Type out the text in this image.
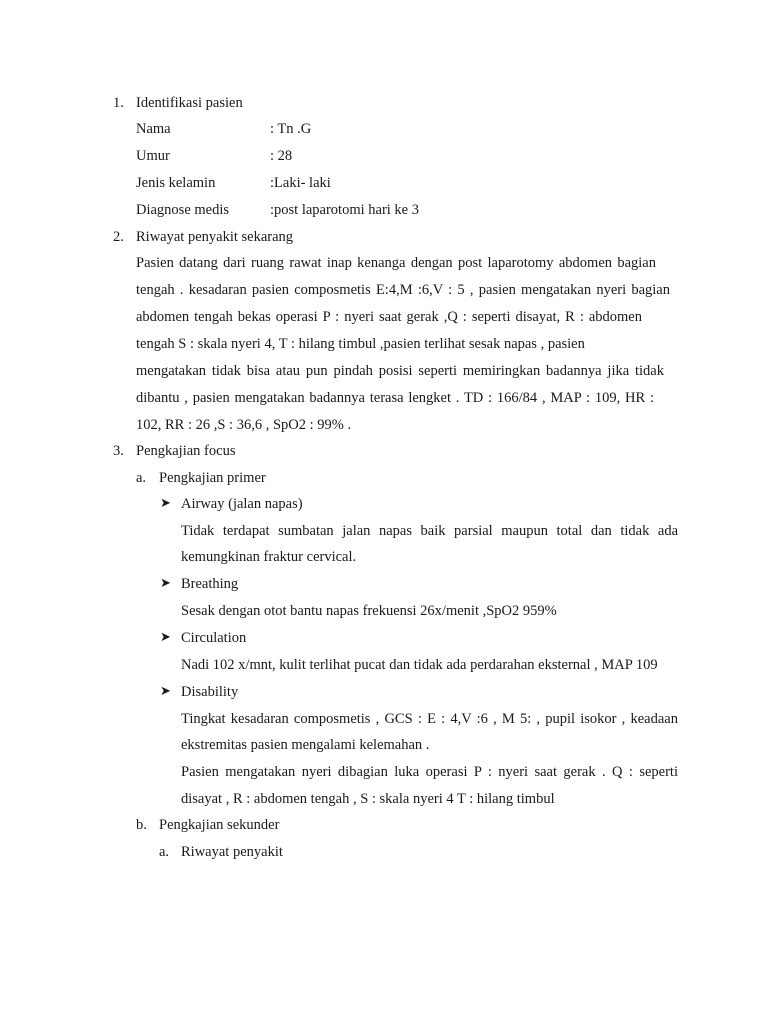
1. Identifikasi pasien
Nama	: Tn .G
Umur	: 28
Jenis kelamin	:Laki- laki
Diagnose medis	:post laparotomi hari ke 3
2. Riwayat penyakit sekarang
Pasien datang dari ruang rawat inap kenanga dengan post laparotomy abdomen bagian
tengah . kesadaran pasien composmetis E:4,M :6,V : 5 , pasien mengatakan nyeri bagian
abdomen tengah bekas operasi P : nyeri saat gerak ,Q : seperti disayat, R : abdomen
tengah S : skala nyeri 4, T : hilang timbul ,pasien terlihat sesak napas , pasien
mengatakan tidak bisa atau pun pindah posisi seperti memiringkan badannya jika tidak
dibantu , pasien mengatakan badannya terasa lengket . TD : 166/84 , MAP : 109, HR :
102, RR : 26 ,S : 36,6 , SpO2 : 99% .
3. Pengkajian focus
a. Pengkajian primer
➤ Airway (jalan napas)
Tidak terdapat sumbatan jalan napas baik parsial maupun total dan tidak ada
kemungkinan fraktur cervical.
➤ Breathing
Sesak dengan otot bantu napas frekuensi 26x/menit ,SpO2 959%
➤ Circulation
Nadi 102 x/mnt, kulit terlihat pucat dan tidak ada perdarahan eksternal , MAP 109
➤ Disability
Tingkat kesadaran composmetis , GCS : E : 4,V :6 , M 5: , pupil isokor , keadaan
ekstremitas pasien mengalami kelemahan .
Pasien mengatakan nyeri dibagian luka operasi P : nyeri saat gerak . Q : seperti
disayat , R : abdomen tengah , S : skala nyeri 4 T : hilang timbul
b. Pengkajian sekunder
a. Riwayat penyakit
